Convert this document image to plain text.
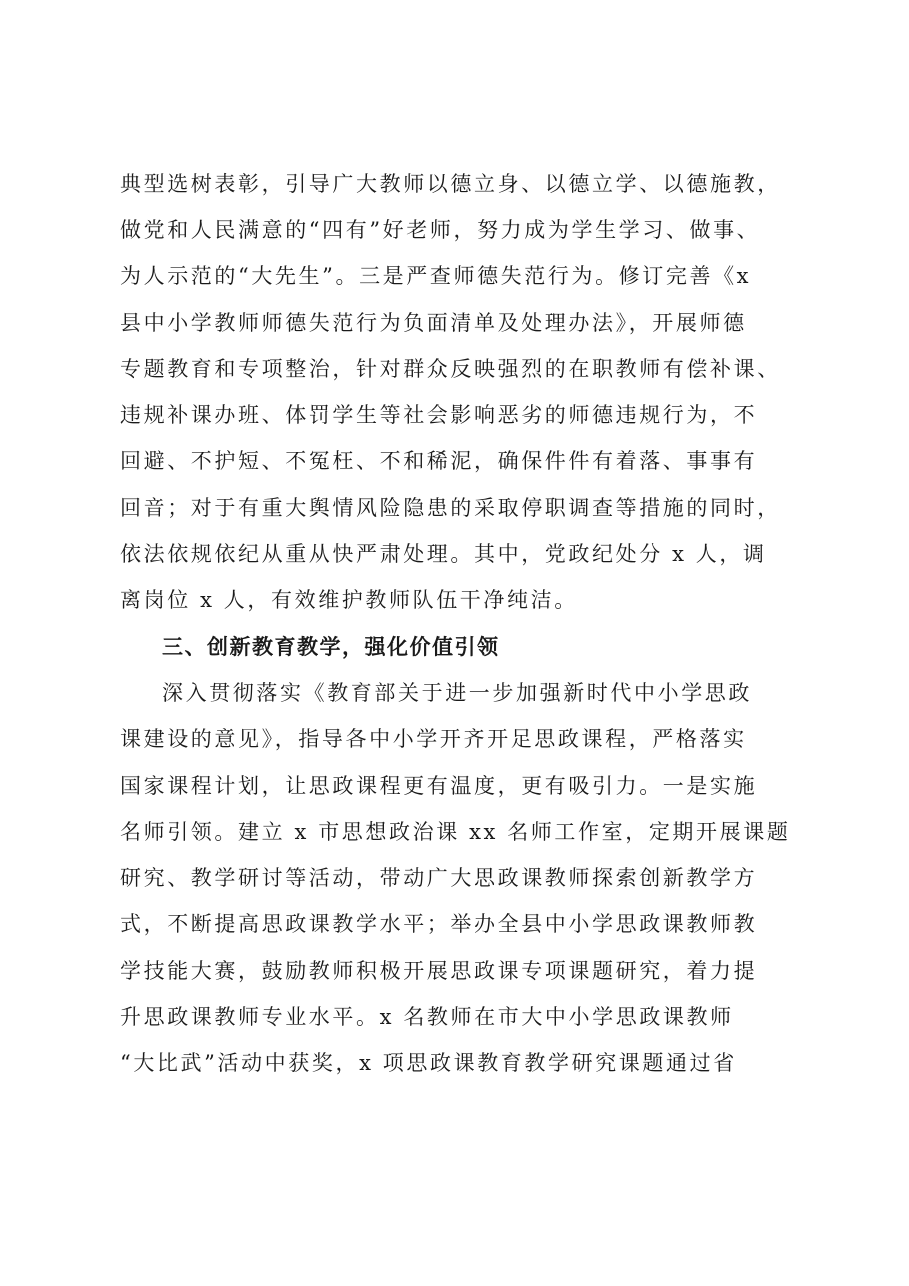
典型选树表彰，引导广大教师以德立身、以德立学、以德施教，
做党和人民满意的“四有”好老师，努力成为学生学习、做事、
为人示范的“大先生”。三是严查师德失范行为。修订完善《x
县中小学教师师德失范行为负面清单及处理办法》，开展师德
专题教育和专项整治，针对群众反映强烈的在职教师有偿补课、
违规补课办班、体罚学生等社会影响恶劣的师德违规行为，不
回避、不护短、不冤枉、不和稀泥，确保件件有着落、事事有
回音；对于有重大舆情风险隐患的采取停职调查等措施的同时，
依法依规依纪从重从快严肃处理。其中，党政纪处分 x 人，调
离岗位 x 人，有效维护教师队伍干净纯洁。
三、创新教育教学，强化价值引领
深入贯彻落实《教育部关于进一步加强新时代中小学思政
课建设的意见》，指导各中小学开齐开足思政课程，严格落实
国家课程计划，让思政课程更有温度，更有吸引力。一是实施
名师引领。建立 x 市思想政治课 xx 名师工作室，定期开展课题
研究、教学研讨等活动，带动广大思政课教师探索创新教学方
式，不断提高思政课教学水平；举办全县中小学思政课教师教
学技能大赛，鼓励教师积极开展思政课专项课题研究，着力提
升思政课教师专业水平。x 名教师在市大中小学思政课教师
“大比武”活动中获奖，x 项思政课教育教学研究课题通过省
